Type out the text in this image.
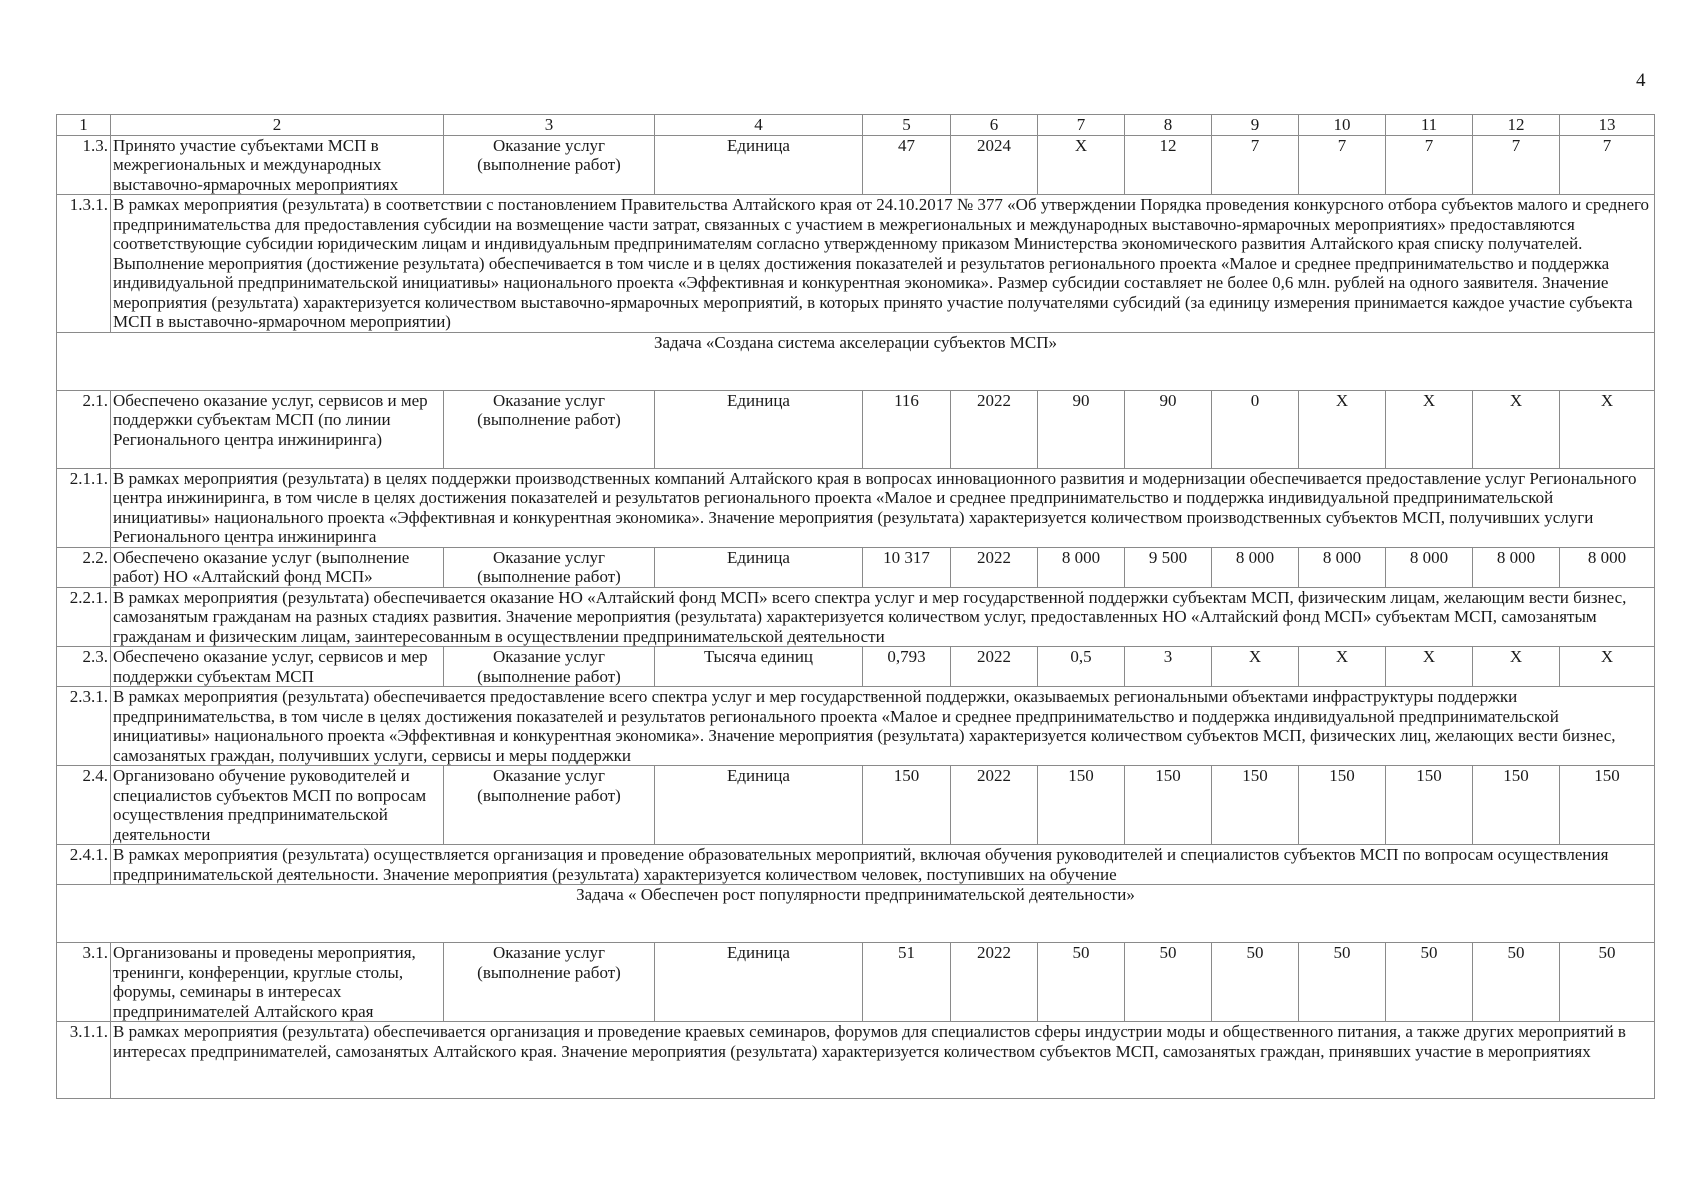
4
1	2	3	4	5	6	7	8	9	10	11	12	13
1.3.	Принято участие субъектами МСП в межрегиональных и международных выставочно-ярмарочных мероприятиях	Оказание услуг (выполнение работ)	Единица	47	2024	X	12	7	7	7	7	7
1.3.1.	В рамках мероприятия (результата) в соответствии с постановлением Правительства Алтайского края от 24.10.2017 № 377 «Об утверждении Порядка проведения конкурсного отбора субъектов малого и среднего предпринимательства для предоставления субсидии на возмещение части затрат, связанных с участием в межрегиональных и международных выставочно-ярмарочных мероприятиях» предоставляются соответствующие субсидии юридическим лицам и индивидуальным предпринимателям согласно утвержденному приказом Министерства экономического развития Алтайского края списку получателей. Выполнение мероприятия (достижение результата) обеспечивается в том числе и в целях достижения показателей и результатов регионального проекта «Малое и среднее предпринимательство и поддержка индивидуальной предпринимательской инициативы» национального проекта «Эффективная и конкурентная экономика». Размер субсидии составляет не более 0,6 млн. рублей на одного заявителя. Значение мероприятия (результата) характеризуется количеством выставочно-ярмарочных мероприятий, в которых принято участие получателями субсидий (за единицу измерения принимается каждое участие субъекта МСП в выставочно-ярмарочном мероприятии)											
Задача «Создана система акселерации субъектов МСП»												
2.1.	Обеспечено оказание услуг, сервисов и мер поддержки субъектам МСП (по линии Регионального центра инжиниринга)	Оказание услуг (выполнение работ)	Единица	116	2022	90	90	0	X	X	X	X
2.1.1.	В рамках мероприятия (результата) в целях поддержки производственных компаний Алтайского края в вопросах инновационного развития и модернизации обеспечивается предоставление услуг Регионального центра инжиниринга, в том числе в целях достижения показателей и результатов регионального проекта «Малое и среднее предпринимательство и поддержка индивидуальной предпринимательской инициативы» национального проекта «Эффективная и конкурентная экономика». Значение мероприятия (результата) характеризуется количеством производственных субъектов МСП, получивших услуги Регионального центра инжиниринга											
2.2.	Обеспечено оказание услуг (выполнение работ) НО «Алтайский фонд МСП»	Оказание услуг (выполнение работ)	Единица	10 317	2022	8 000	9 500	8 000	8 000	8 000	8 000	8 000
2.2.1.	В рамках мероприятия (результата) обеспечивается оказание НО «Алтайский фонд МСП» всего спектра услуг и мер государственной поддержки субъектам МСП, физическим лицам, желающим вести бизнес, самозанятым гражданам на разных стадиях развития. Значение мероприятия (результата) характеризуется количеством услуг, предоставленных НО «Алтайский фонд МСП» субъектам МСП, самозанятым гражданам и физическим лицам, заинтересованным в осуществлении предпринимательской деятельности											
2.3.	Обеспечено оказание услуг, сервисов и мер поддержки субъектам МСП	Оказание услуг (выполнение работ)	Тысяча единиц	0,793	2022	0,5	3	X	X	X	X	X
2.3.1.	В рамках мероприятия (результата) обеспечивается предоставление всего спектра услуг и мер государственной поддержки, оказываемых региональными объектами инфраструктуры поддержки предпринимательства, в том числе в целях достижения показателей и результатов регионального проекта «Малое и среднее предпринимательство и поддержка индивидуальной предпринимательской инициативы» национального проекта «Эффективная и конкурентная экономика». Значение мероприятия (результата) характеризуется количеством субъектов МСП, физических лиц, желающих вести бизнес, самозанятых граждан, получивших услуги, сервисы и меры поддержки											
2.4.	Организовано обучение руководителей и специалистов субъектов МСП по вопросам осуществления предпринимательской деятельности	Оказание услуг (выполнение работ)	Единица	150	2022	150	150	150	150	150	150	150
2.4.1.	В рамках мероприятия (результата) осуществляется организация и проведение образовательных мероприятий, включая обучения руководителей и специалистов субъектов МСП по вопросам осуществления предпринимательской деятельности. Значение мероприятия (результата) характеризуется количеством человек, поступивших на обучение											
Задача « Обеспечен рост популярности предпринимательской деятельности»												
3.1.	Организованы и проведены мероприятия, тренинги, конференции, круглые столы, форумы, семинары в интересах предпринимателей Алтайского края	Оказание услуг (выполнение работ)	Единица	51	2022	50	50	50	50	50	50	50
3.1.1.	В рамках мероприятия (результата) обеспечивается организация и проведение краевых семинаров, форумов для специалистов сферы индустрии моды и общественного питания, а также других мероприятий в интересах предпринимателей, самозанятых Алтайского края. Значение мероприятия (результата) характеризуется количеством субъектов МСП, самозанятых граждан, принявших участие в мероприятиях											
